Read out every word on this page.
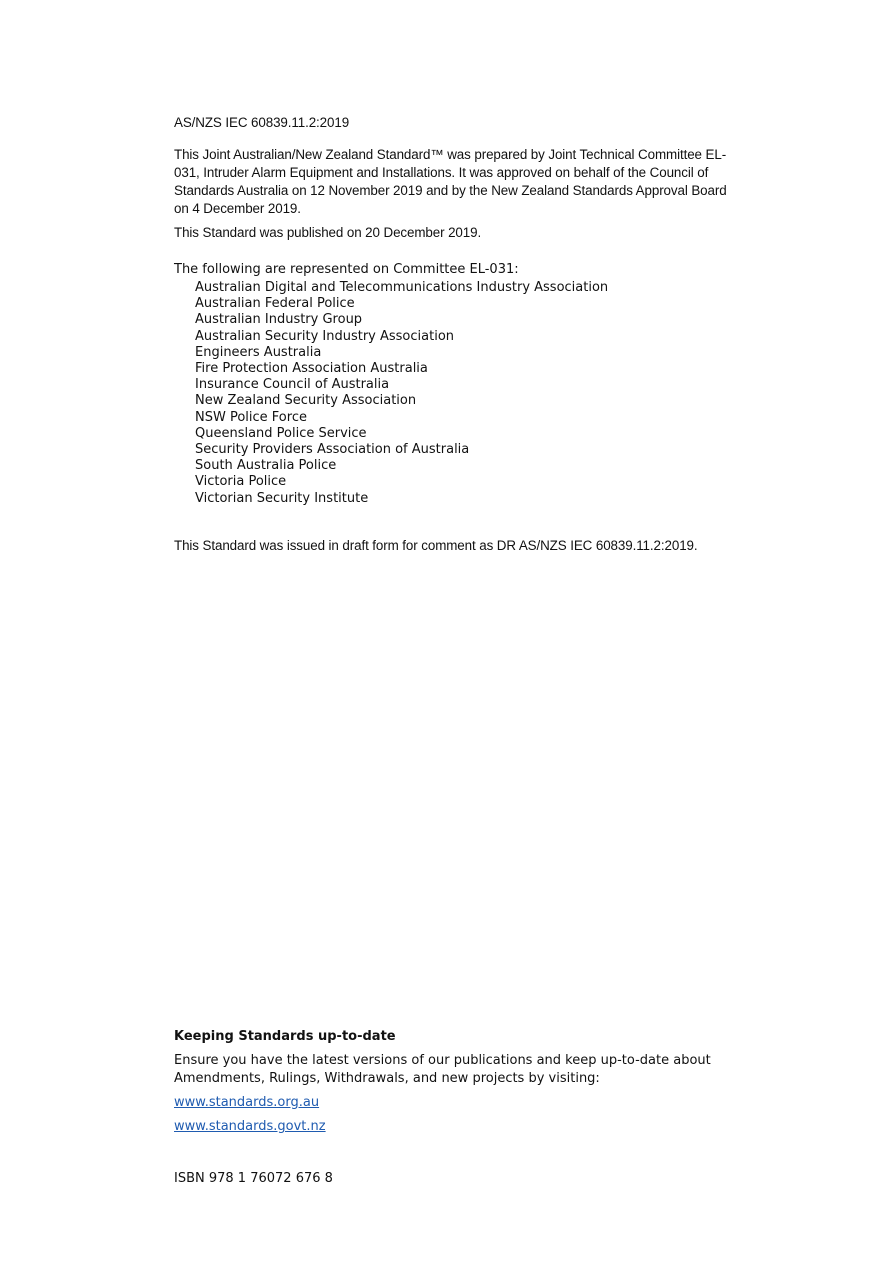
AS/NZS IEC 60839.11.2:2019

This Joint Australian/New Zealand Standard™ was prepared by Joint Technical Committee EL-031, Intruder Alarm Equipment and Installations. It was approved on behalf of the Council of Standards Australia on 12 November 2019 and by the New Zealand Standards Approval Board on 4 December 2019.

This Standard was published on 20 December 2019.

The following are represented on Committee EL-031:

Australian Digital and Telecommunications Industry Association
Australian Federal Police
Australian Industry Group
Australian Security Industry Association
Engineers Australia
Fire Protection Association Australia
Insurance Council of Australia
New Zealand Security Association
NSW Police Force
Queensland Police Service
Security Providers Association of Australia
South Australia Police
Victoria Police
Victorian Security Institute

This Standard was issued in draft form for comment as DR AS/NZS IEC 60839.11.2:2019.

Keeping Standards up-to-date

Ensure you have the latest versions of our publications and keep up-to-date about Amendments, Rulings, Withdrawals, and new projects by visiting:

www.standards.org.au
www.standards.govt.nz

ISBN 978 1 76072 676 8
